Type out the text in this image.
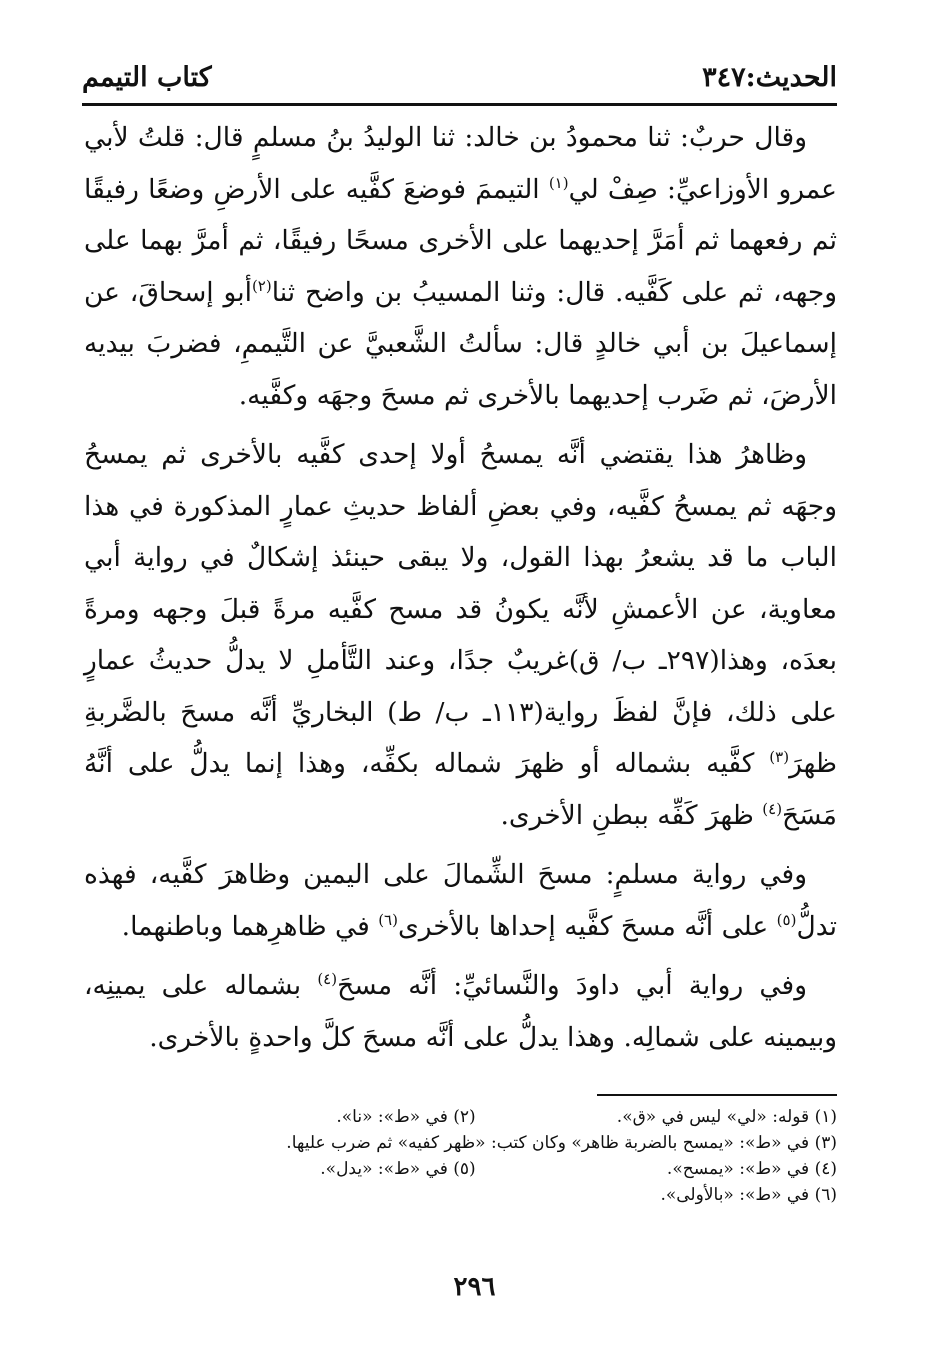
الحديث:٣٤٧
كتاب التيمم

وقال حربٌ: ثنا محمودُ بن خالد: ثنا الوليدُ بنُ مسلمٍ قال: قلتُ لأبي عمرو الأوزاعيِّ: صِفْ لي$^{(١)}$ التيممَ فوضعَ كفَّيه على الأرضِ وضعًا رفيقًا ثم رفعهما ثم أمَرَّ إحديهما على الأخرى مسحًا رفيقًا، ثم أمرَّ بهما على وجهه، ثم على كَفَّيه. قال: وثنا المسيبُ بن واضح ثنا$^{(٢)}$أبو إسحاقَ، عن إسماعيلَ بن أبي خالدٍ قال: سألتُ الشَّعبيَّ عن التَّيممِ، فضربَ بيديه الأرضَ، ثم ضَرب إحديهما بالأخرى ثم مسحَ وجهَه وكفَّيه.

وظاهرُ هذا يقتضي أنَّه يمسحُ أولا إحدى كفَّيه بالأخرى ثم يمسحُ وجهَه ثم يمسحُ كفَّيه، وفي بعضِ ألفاظ حديثِ عمارٍ المذكورة في هذا الباب ما قد يشعرُ بهذا القول، ولا يبقى حينئذ إشكالٌ في رواية أبي معاوية، عن الأعمشِ لأنَّه يكونُ قد مسح كفَّيه مرةً قبلَ وجهه ومرةً بعدَه، وهذا(٢٩٧ـ ب/ ق)غريبٌ جدًا، وعند التَّأملِ لا يدلُّ حديثُ عمارٍ على ذلك، فإنَّ لفظَ رواية(١١٣ـ ب/ ط) البخاريِّ أنَّه مسحَ بالضَّربةِ ظهرَ$^{(٣)}$ كفَّيه بشماله أو ظهرَ شماله بكفِّه، وهذا إنما يدلُّ على أنَّهُ مَسَحَ$^{(٤)}$ ظهرَ كَفِّه ببطنِ الأخرى.

وفي رواية مسلمٍ: مسحَ الشِّمالَ على اليمين وظاهرَ كفَّيه، فهذه تدلُّ$^{(٥)}$ على أنَّه مسحَ كفَّيه إحداها بالأخرى$^{(٦)}$ في ظاهرِهما وباطنهما.

وفي رواية أبي داودَ والنَّسائيِّ: أنَّه مسحَ$^{(٤)}$ بشماله على يمينِه، وبيمينه على شمالِه. وهذا يدلُّ على أنَّه مسحَ كلَّ واحدةٍ بالأخرى.

(١) قوله: «لي» ليس في «ق».
(٢) في «ط»: «نا».
(٣) في «ط»: «يمسح بالضربة ظاهر» وكان كتب: «ظهر كفيه» ثم ضرب عليها.
(٤) في «ط»: «يمسح».
(٥) في «ط»: «يدل».
(٦) في «ط»: «بالأولى».
٢٩٦
